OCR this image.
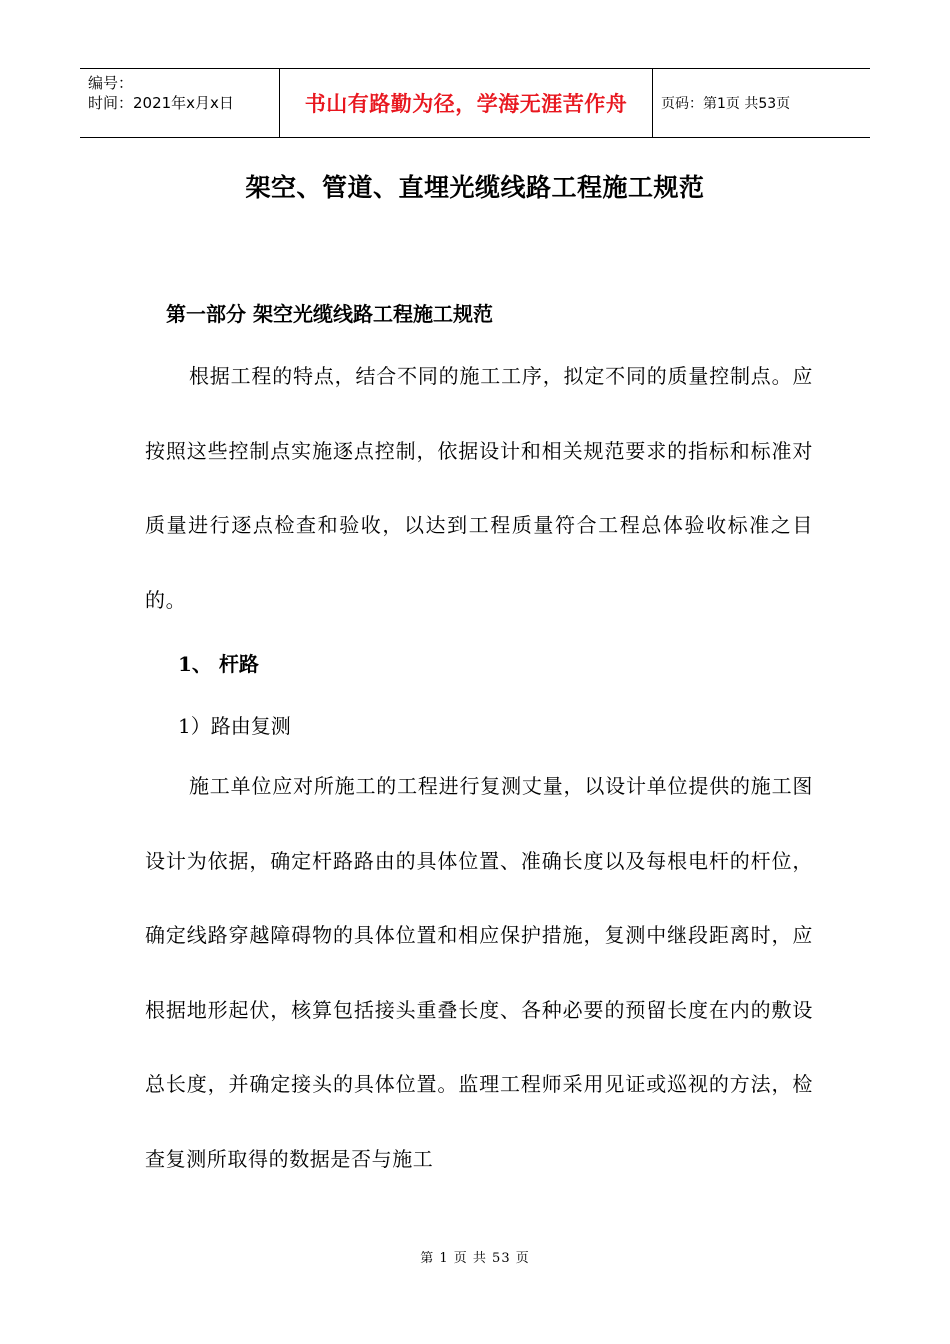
编号：
时间：2021年x月x日	书山有路勤为径，学海无涯苦作舟	页码：第1页 共53页
架空、管道、直埋光缆线路工程施工规范
第一部分 架空光缆线路工程施工规范
根据工程的特点，结合不同的施工工序，拟定不同的质量控制点。应按照这些控制点实施逐点控制，依据设计和相关规范要求的指标和标准对质量进行逐点检查和验收，以达到工程质量符合工程总体验收标准之目的。
1、 杆路
1）路由复测
施工单位应对所施工的工程进行复测丈量，以设计单位提供的施工图设计为依据，确定杆路路由的具体位置、准确长度以及每根电杆的杆位，确定线路穿越障碍物的具体位置和相应保护措施，复测中继段距离时，应根据地形起伏，核算包括接头重叠长度、各种必要的预留长度在内的敷设总长度，并确定接头的具体位置。监理工程师采用见证或巡视的方法，检查复测所取得的数据是否与施工
第 1 页 共 53 页
